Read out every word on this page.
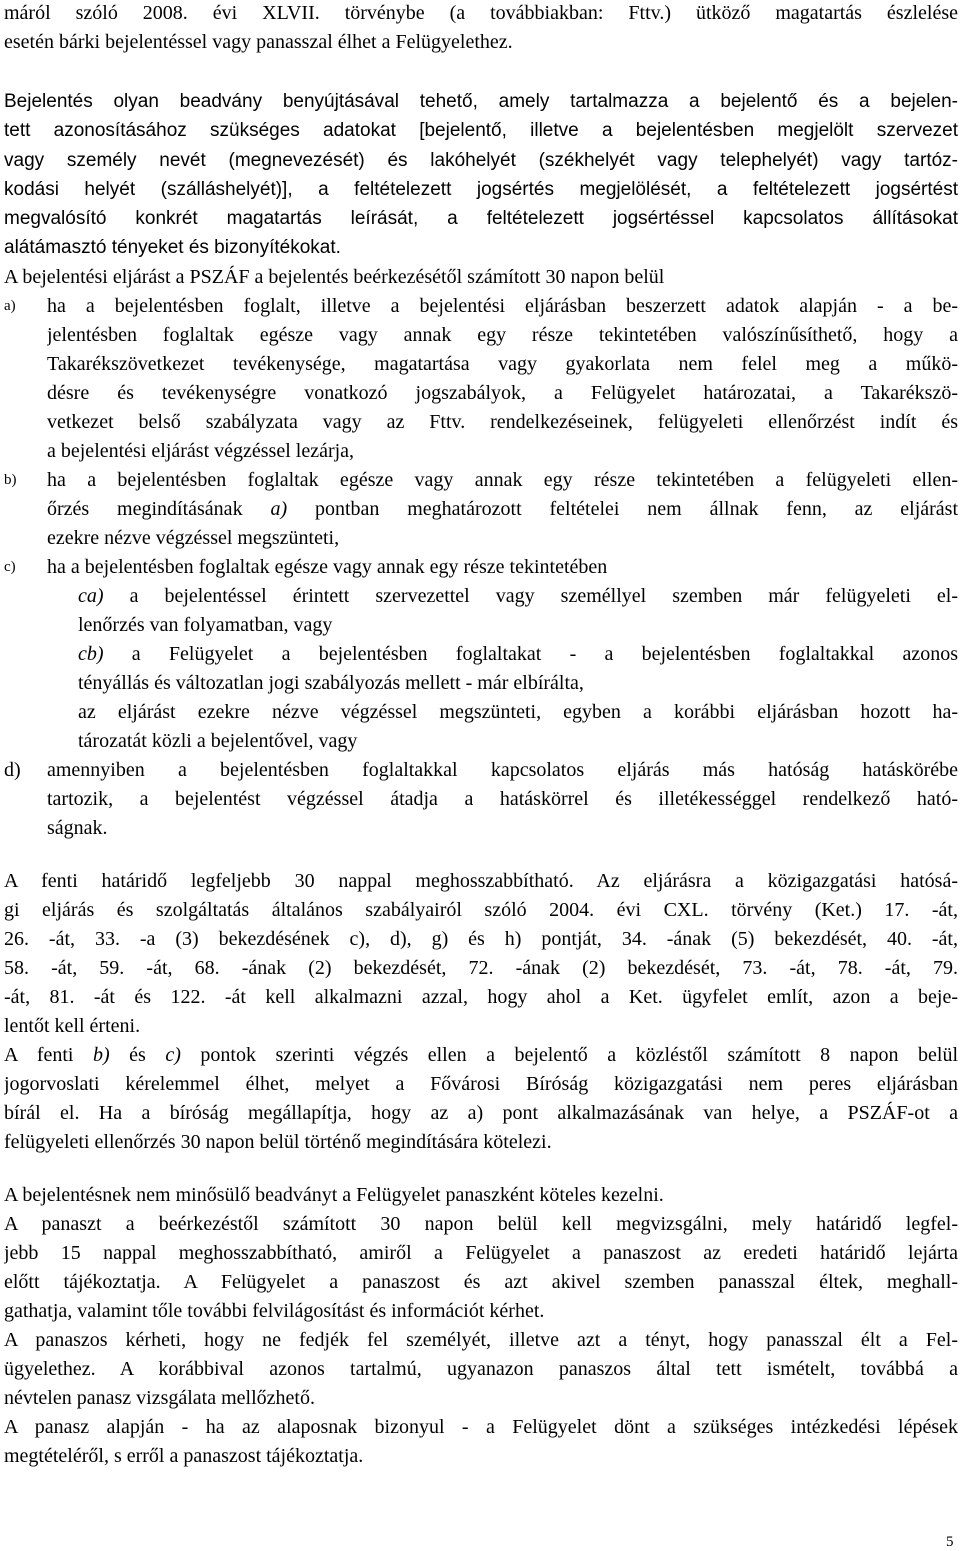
máról szóló 2008. évi XLVII. törvénybe (a továbbiakban: Fttv.) ütköző magatartás észlelése
esetén bárki bejelentéssel vagy panasszal élhet a Felügyelethez.
Bejelentés olyan beadvány benyújtásával tehető, amely tartalmazza a bejelentő és a bejelen-
tett azonosításához szükséges adatokat [bejelentő, illetve a bejelentésben megjelölt szervezet
vagy személy nevét (megnevezését) és lakóhelyét (székhelyét vagy telephelyét) vagy tartóz-
kodási helyét (szálláshelyét)], a feltételezett jogsértés megjelölését, a feltételezett jogsértést
megvalósító konkrét magatartás leírását, a feltételezett jogsértéssel kapcsolatos állításokat
alátámasztó tényeket és bizonyítékokat.
A bejelentési eljárást a PSZÁF a bejelentés beérkezésétől számított 30 napon belül
a) ha a bejelentésben foglalt, illetve a bejelentési eljárásban beszerzett adatok alapján - a be-
jelentésben foglaltak egésze vagy annak egy része tekintetében valószínűsíthető, hogy a
Takarékszövetkezet tevékenysége, magatartása vagy gyakorlata nem felel meg a műkö-
désre és tevékenységre vonatkozó jogszabályok, a Felügyelet határozatai, a Takarékszö-
vetkezet belső szabályzata vagy az Fttv. rendelkezéseinek, felügyeleti ellenőrzést indít és
a bejelentési eljárást végzéssel lezárja,
b) ha a bejelentésben foglaltak egésze vagy annak egy része tekintetében a felügyeleti ellen-
őrzés megindításának a) pontban meghatározott feltételei nem állnak fenn, az eljárást
ezekre nézve végzéssel megszünteti,
c) ha a bejelentésben foglaltak egésze vagy annak egy része tekintetében
ca) a bejelentéssel érintett szervezettel vagy személlyel szemben már felügyeleti el-
lenőrzés van folyamatban, vagy
cb) a Felügyelet a bejelentésben foglaltakat - a bejelentésben foglaltakkal azonos
tényállás és változatlan jogi szabályozás mellett - már elbírálta,
az eljárást ezekre nézve végzéssel megszünteti, egyben a korábbi eljárásban hozott ha-
tározatát közli a bejelentővel, vagy
d) amennyiben a bejelentésben foglaltakkal kapcsolatos eljárás más hatóság hatáskörébe
tartozik, a bejelentést végzéssel átadja a hatáskörrel és illetékességgel rendelkező ható-
ságnak.
A fenti határidő legfeljebb 30 nappal meghosszabbítható. Az eljárásra a közigazgatási hatósá-
gi eljárás és szolgáltatás általános szabályairól szóló 2004. évi CXL. törvény (Ket.) 17. -át,
26. -át, 33. -a (3) bekezdésének c), d), g) és h) pontját, 34. -ának (5) bekezdését, 40. -át,
58. -át, 59. -át, 68. -ának (2) bekezdését, 72. -ának (2) bekezdését, 73. -át, 78. -át, 79.
-át, 81. -át és 122. -át kell alkalmazni azzal, hogy ahol a Ket. ügyfelet említ, azon a beje-
lentőt kell érteni.
A fenti b) és c) pontok szerinti végzés ellen a bejelentő a közléstől számított 8 napon belül
jogorvoslati kérelemmel élhet, melyet a Fővárosi Bíróság közigazgatási nem peres eljárásban
bírál el. Ha a bíróság megállapítja, hogy az a) pont alkalmazásának van helye, a PSZÁF-ot a
felügyeleti ellenőrzés 30 napon belül történő megindítására kötelezi.
A bejelentésnek nem minősülő beadványt a Felügyelet panaszként köteles kezelni.
A panaszt a beérkezéstől számított 30 napon belül kell megvizsgálni, mely határidő legfel-
jebb 15 nappal meghosszabbítható, amiről a Felügyelet a panaszost az eredeti határidő lejárta
előtt tájékoztatja. A Felügyelet a panaszost és azt akivel szemben panasszal éltek, meghall-
gathatja, valamint tőle további felvilágosítást és információt kérhet.
A panaszos kérheti, hogy ne fedjék fel személyét, illetve azt a tényt, hogy panasszal élt a Fel-
ügyelethez. A korábbival azonos tartalmú, ugyanazon panaszos által tett ismételt, továbbá a
névtelen panasz vizsgálata mellőzhető.
A panasz alapján - ha az alaposnak bizonyul - a Felügyelet dönt a szükséges intézkedési lépések
megtételéről, s erről a panaszost tájékoztatja.
5
